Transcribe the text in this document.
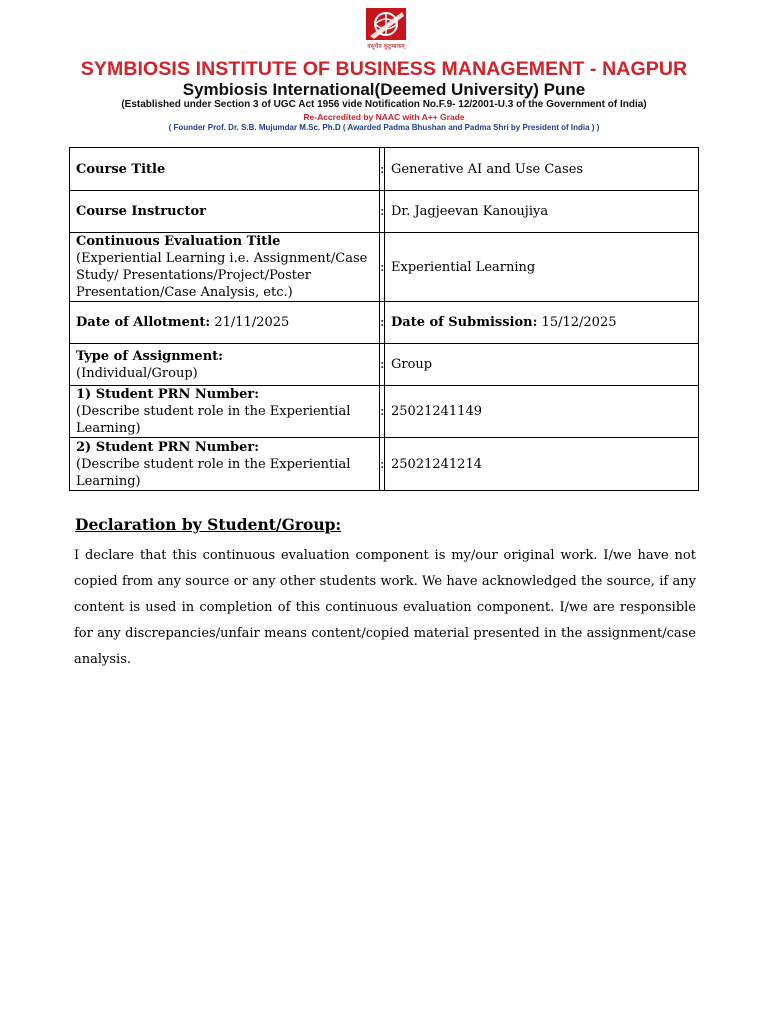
वसुधैव कुटुम्बकम्
SYMBIOSIS INSTITUTE OF BUSINESS MANAGEMENT - NAGPUR
Symbiosis International(Deemed University) Pune
(Established under Section 3 of UGC Act 1956 vide Notification No.F.9- 12/2001-U.3 of the Government of India)
Re-Accredited by NAAC with A++ Grade
( Founder Prof. Dr. S.B. Mujumdar M.Sc. Ph.D ( Awarded Padma Bhushan and Padma Shri by President of India ) )
Course Title	:	Generative AI and Use Cases
Course Instructor	:	Dr. Jagjeevan Kanoujiya

Continuous Evaluation Title
(Experiential Learning i.e. Assignment/Case Study/ Presentations/Project/Poster Presentation/Case Analysis, etc.)	:	Experiential Learning
Date of Allotment: 21/11/2025	:	Date of Submission: 15/12/2025

Type of Assignment:
(Individual/Group)	:	Group

1) Student PRN Number:
(Describe student role in the Experiential Learning)	:	25021241149

2) Student PRN Number:
(Describe student role in the Experiential Learning)	:	25021241214
Declaration by Student/Group:
I declare that this continuous evaluation component is my/our original work. I/we have not copied from any source or any other students work. We have acknowledged the source, if any content is used in completion of this continuous evaluation component. I/we are responsible for any discrepancies/unfair means content/copied material presented in the assignment/case analysis.
